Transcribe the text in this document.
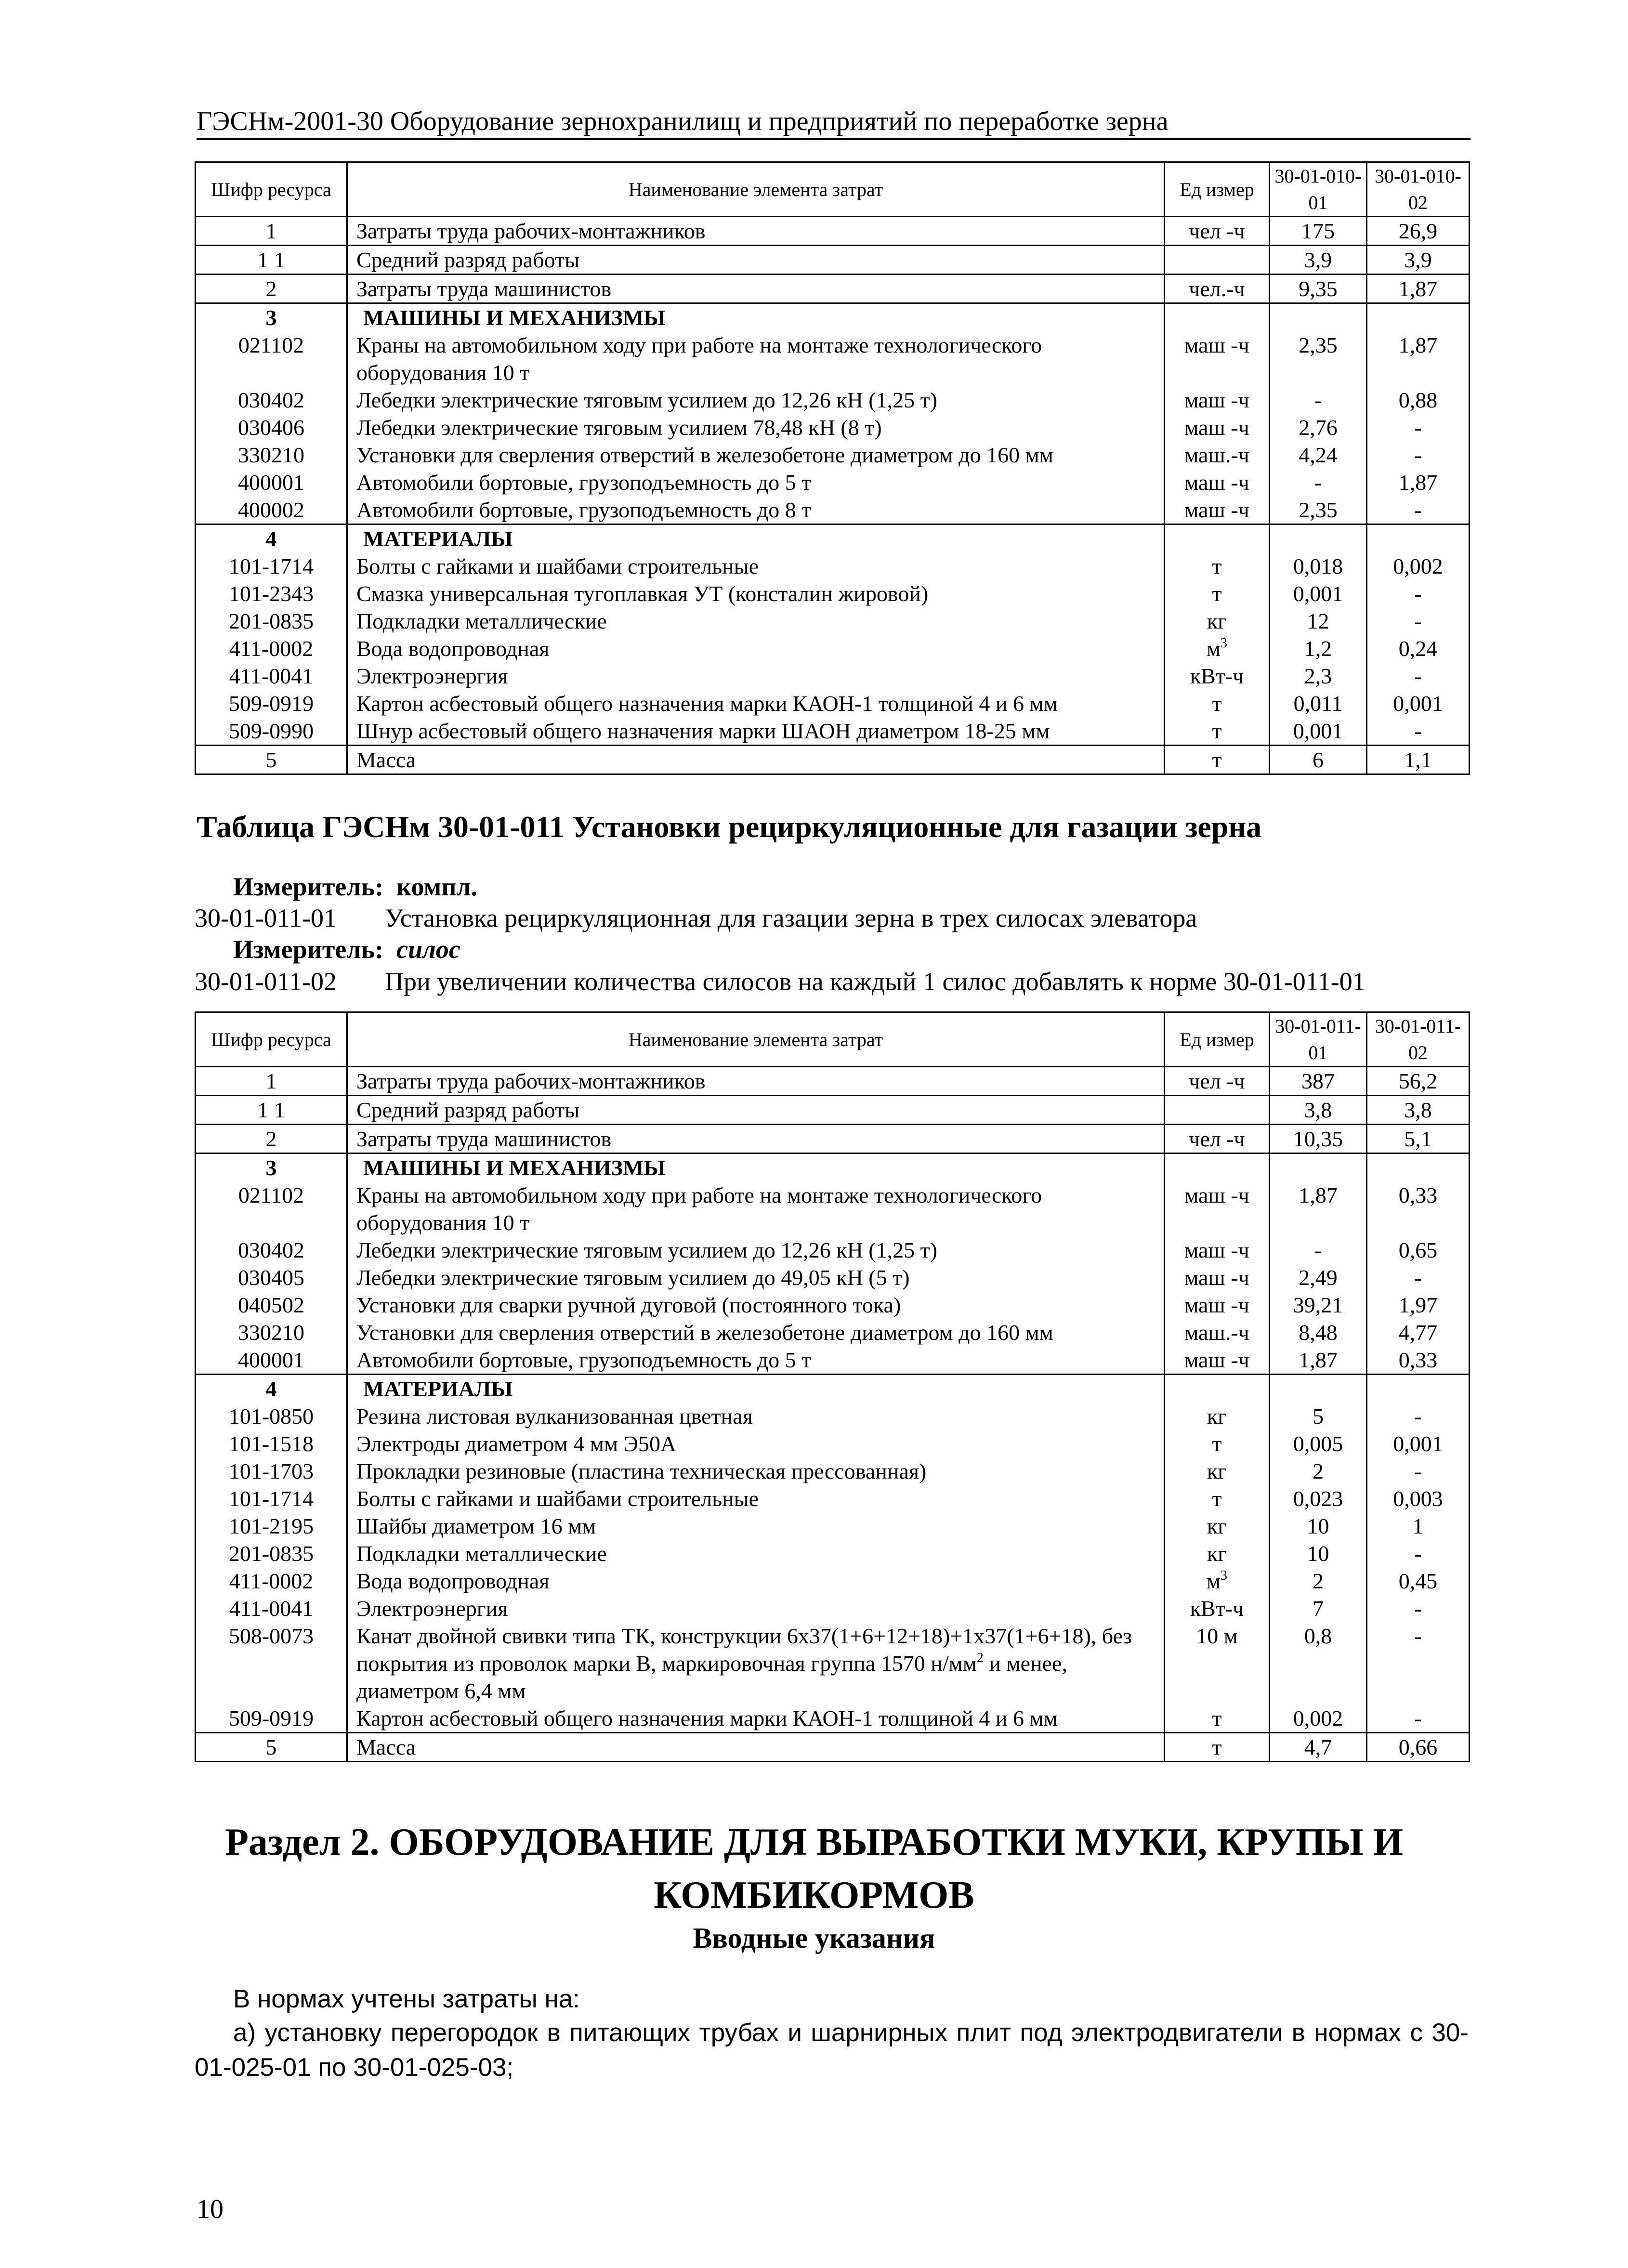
ГЭСНм-2001-30 Оборудование зернохранилищ и предприятий по переработке зерна
Шифр ресурса	Наименование элемента затрат	Ед измер	30-01-010-01	30-01-010-02
1	Затраты труда рабочих-монтажников	чел -ч	175	26,9
1 1	Средний разряд работы		3,9	3,9
2	Затраты труда машинистов	чел.-ч	9,35	1,87
3	МАШИНЫ И МЕХАНИЗМЫ			
021102	Краны на автомобильном ходу при работе на монтаже технологического оборудования 10 т	маш -ч	2,35	1,87
030402	Лебедки электрические тяговым усилием до 12,26 кН (1,25 т)	маш -ч	-	0,88
030406	Лебедки электрические тяговым усилием 78,48 кН (8 т)	маш -ч	2,76	-
330210	Установки для сверления отверстий в железобетоне диаметром до 160 мм	маш.-ч	4,24	-
400001	Автомобили бортовые, грузоподъемность до 5 т	маш -ч	-	1,87
400002	Автомобили бортовые, грузоподъемность до 8 т	маш -ч	2,35	-
4	МАТЕРИАЛЫ			
101-1714	Болты с гайками и шайбами строительные	т	0,018	0,002
101-2343	Смазка универсальная тугоплавкая УТ (консталин жировой)	т	0,001	-
201-0835	Подкладки металлические	кг	12	-
411-0002	Вода водопроводная	$м^3$	1,2	0,24
411-0041	Электроэнергия	кВт-ч	2,3	-
509-0919	Картон асбестовый общего назначения марки КАОН-1 толщиной 4 и 6 мм	т	0,011	0,001
509-0990	Шнур асбестовый общего назначения марки ШАОН диаметром 18-25 мм	т	0,001	-
5	Масса	т	6	1,1
Таблица ГЭСНм 30-01-011 Установки рециркуляционные для газации зерна
Измеритель: компл.
30-01-011-01 Установка рециркуляционная для газации зерна в трех силосах элеватора
Измеритель: силос
30-01-011-02 При увеличении количества силосов на каждый 1 силос добавлять к норме 30-01-011-01
Шифр ресурса	Наименование элемента затрат	Ед измер	30-01-011-01	30-01-011-02
1	Затраты труда рабочих-монтажников	чел -ч	387	56,2
1 1	Средний разряд работы		3,8	3,8
2	Затраты труда машинистов	чел -ч	10,35	5,1
3	МАШИНЫ И МЕХАНИЗМЫ			
021102	Краны на автомобильном ходу при работе на монтаже технологического оборудования 10 т	маш -ч	1,87	0,33
030402	Лебедки электрические тяговым усилием до 12,26 кН (1,25 т)	маш -ч	-	0,65
030405	Лебедки электрические тяговым усилием до 49,05 кН (5 т)	маш -ч	2,49	-
040502	Установки для сварки ручной дуговой (постоянного тока)	маш -ч	39,21	1,97
330210	Установки для сверления отверстий в железобетоне диаметром до 160 мм	маш.-ч	8,48	4,77
400001	Автомобили бортовые, грузоподъемность до 5 т	маш -ч	1,87	0,33
4	МАТЕРИАЛЫ			
101-0850	Резина листовая вулканизованная цветная	кг	5	-
101-1518	Электроды диаметром 4 мм Э50А	т	0,005	0,001
101-1703	Прокладки резиновые (пластина техническая прессованная)	кг	2	-
101-1714	Болты с гайками и шайбами строительные	т	0,023	0,003
101-2195	Шайбы диаметром 16 мм	кг	10	1
201-0835	Подкладки металлические	кг	10	-
411-0002	Вода водопроводная	$м^3$	2	0,45
411-0041	Электроэнергия	кВт-ч	7	-
508-0073	Канат двойной свивки типа ТК, конструкции 6х37(1+6+12+18)+1х37(1+6+18), без покрытия из проволок марки В, маркировочная группа 1570 $н/мм^2$ и менее, диаметром 6,4 мм	10 м	0,8	-
509-0919	Картон асбестовый общего назначения марки КАОН-1 толщиной 4 и 6 мм	т	0,002	-
5	Масса	т	4,7	0,66
Раздел 2. ОБОРУДОВАНИЕ ДЛЯ ВЫРАБОТКИ МУКИ, КРУПЫ И
КОМБИКОРМОВ
Вводные указания
В нормах учтены затраты на:
а) установку перегородок в питающих трубах и шарнирных плит под электродвигатели в нормах с 30-01-025-01 по 30-01-025-03;
10
